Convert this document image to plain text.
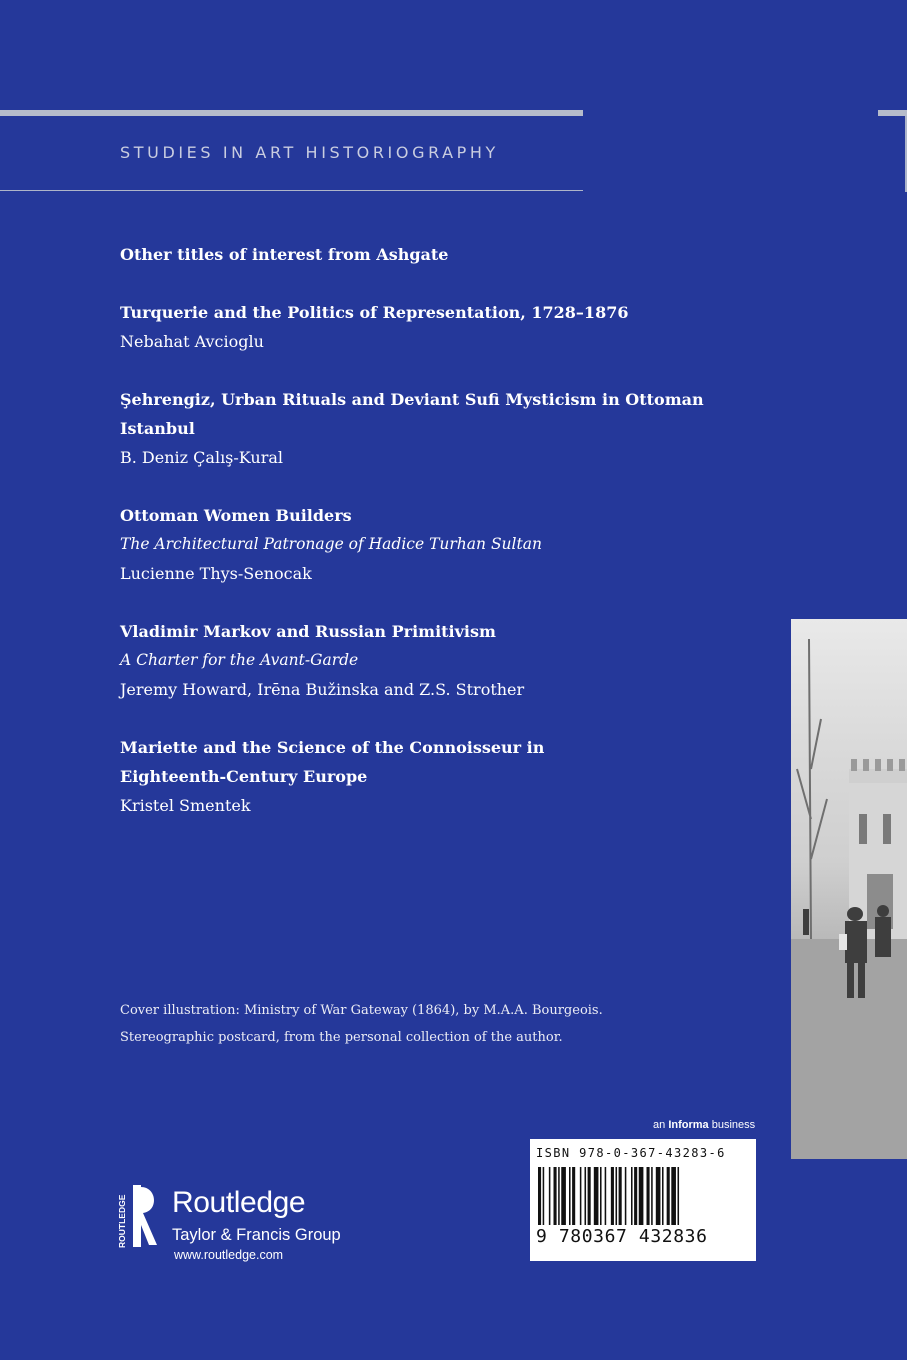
STUDIES IN ART HISTORIOGRAPHY
Other titles of interest from Ashgate
Turquerie and the Politics of Representation, 1728–1876
Nebahat Avcioglu
Şehrengiz, Urban Rituals and Deviant Sufi Mysticism in Ottoman Istanbul
B. Deniz Çalış-Kural
Ottoman Women Builders
The Architectural Patronage of Hadice Turhan Sultan
Lucienne Thys-Senocak
Vladimir Markov and Russian Primitivism
A Charter for the Avant-Garde
Jeremy Howard, Irēna Bužinska and Z.S. Strother
Mariette and the Science of the Connoisseur in
Eighteenth-Century Europe
Kristel Smentek
Cover illustration: Ministry of War Gateway (1864), by M.A.A. Bourgeois.
Stereographic postcard, from the personal collection of the author.
an Informa business
ISBN 978-0-367-43283-6
9 780367 432836
ROUTLEDGE Routledge
Taylor & Francis Group
www.routledge.com
